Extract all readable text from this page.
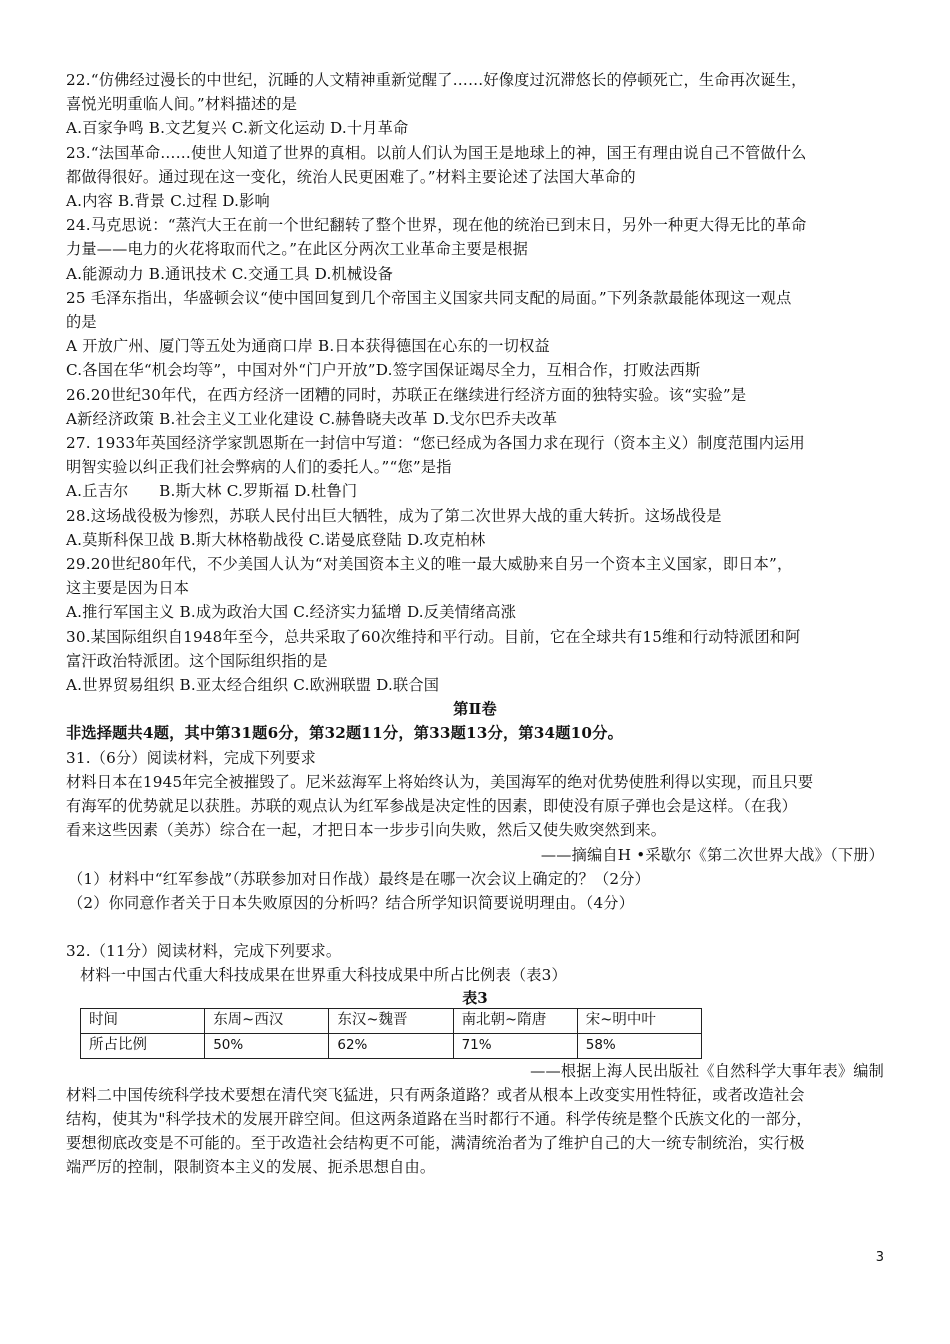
22.“仿佛经过漫长的中世纪，沉睡的人文精神重新觉醒了……好像度过沉滞悠长的停顿死亡，生命再次诞生，
喜悦光明重临人间。”材料描述的是
A.百家争鸣 B.文艺复兴 C.新文化运动 D.十月革命
23.“法国革命……使世人知道了世界的真相。以前人们认为国王是地球上的神，国王有理由说自己不管做什么
都做得很好。通过现在这一变化，统治人民更困难了。”材料主要论述了法国大革命的
A.内容 B.背景 C.过程 D.影响
24.马克思说：“蒸汽大王在前一个世纪翻转了整个世界，现在他的统治已到末日，另外一种更大得无比的革命
力量——电力的火花将取而代之。”在此区分两次工业革命主要是根据
A.能源动力 B.通讯技术 C.交通工具 D.机械设备
25 毛泽东指出，华盛顿会议“使中国回复到几个帝国主义国家共同支配的局面。”下列条款最能体现这一观点
的是
A 开放广州、厦门等五处为通商口岸 B.日本获得德国在心东的一切权益
C.各国在华“机会均等”，中国对外“门户开放”D.签字国保证竭尽全力，互相合作，打败法西斯
26.20世纪30年代，在西方经济一团糟的同时，苏联正在继续进行经济方面的独特实验。该“实验”是
A新经济政策 B.社会主义工业化建设 C.赫鲁晓夫改革 D.戈尔巴乔夫改革
27. 1933年英国经济学家凯恩斯在一封信中写道：“您已经成为各国力求在现行（资本主义）制度范围内运用
明智实验以纠正我们社会弊病的人们的委托人。”“您”是指
A.丘吉尔　　B.斯大林 C.罗斯福 D.杜鲁门
28.这场战役极为惨烈，苏联人民付出巨大牺牲，成为了第二次世界大战的重大转折。这场战役是
A.莫斯科保卫战 B.斯大林格勒战役 C.诺曼底登陆 D.攻克柏林
29.20世纪80年代，不少美国人认为“对美国资本主义的唯一最大威胁来自另一个资本主义国家，即日本”，
这主要是因为日本
A.推行军国主义 B.成为政治大国 C.经济实力猛增 D.反美情绪高涨
30.某国际组织自1948年至今，总共采取了60次维持和平行动。目前，它在全球共有15维和行动特派团和阿
富汗政治特派团。这个国际组织指的是
A.世界贸易组织 B.亚太经合组织 C.欧洲联盟 D.联合国
第Ⅱ卷
非选择题共4题，其中第31题6分，第32题11分，第33题13分，第34题10分。
31.（6分）阅读材料，完成下列要求
材料日本在1945年完全被摧毁了。尼米兹海军上将始终认为，美国海军的绝对优势使胜利得以实现，而且只要
有海军的优势就足以获胜。苏联的观点认为红军参战是决定性的因素，即使没有原子弹也会是这样。（在我）
看来这些因素（美苏）综合在一起，才把日本一步步引向失败，然后又使失败突然到来。
——摘编自H •采歇尔《第二次世界大战》（下册）
（1）材料中“红军参战”（苏联参加对日作战）最终是在哪一次会议上确定的？（2分）
（2）你同意作者关于日本失败原因的分析吗？结合所学知识简要说明理由。（4分）
32.（11分）阅读材料，完成下列要求。
材料一中国古代重大科技成果在世界重大科技成果中所占比例表（表3）
表3
时间	东周~西汉	东汉~魏晋	南北朝~隋唐	宋~明中叶
所占比例	50%	62%	71%	58%
——根据上海人民出版社《自然科学大事年表》编制
材料二中国传统科学技术要想在清代突飞猛进，只有两条道路？或者从根本上改变实用性特征，或者改造社会
结构，使其为"科学技术的发展开辟空间。但这两条道路在当时都行不通。科学传统是整个氏族文化的一部分，
要想彻底改变是不可能的。至于改造社会结构更不可能，满清统治者为了维护自己的大一统专制统治，实行极
端严厉的控制，限制资本主义的发展、扼杀思想自由。
3
